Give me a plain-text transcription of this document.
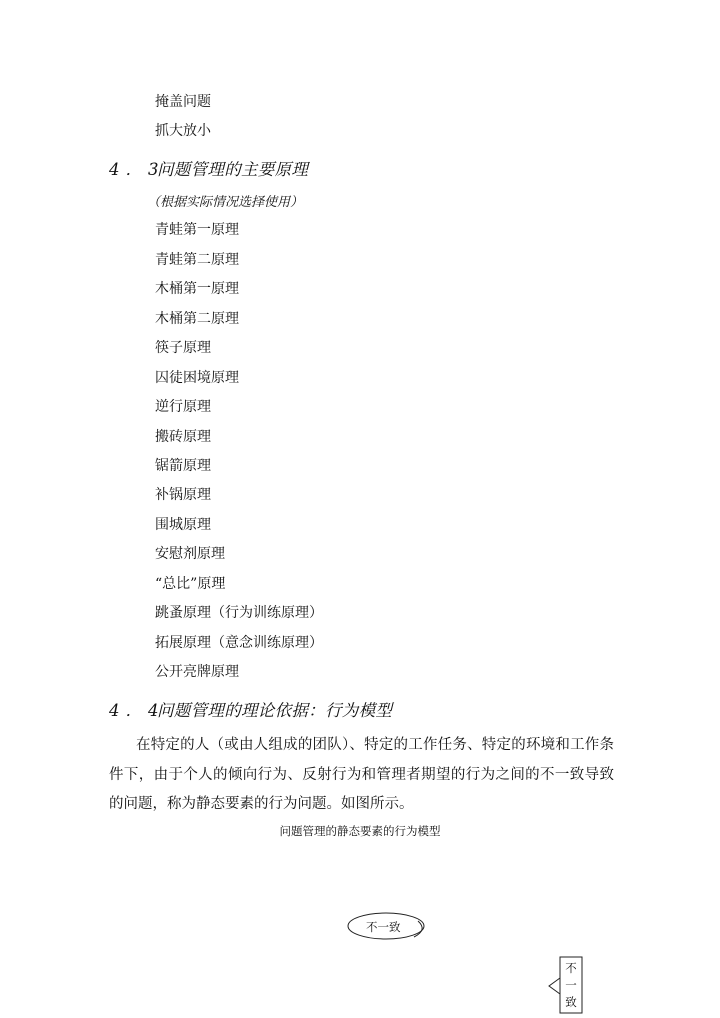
掩盖问题
抓大放小
4．3问题管理的主要原理
（根据实际情况选择使用）
青蛙第一原理
青蛙第二原理
木桶第一原理
木桶第二原理
筷子原理
囚徒困境原理
逆行原理
搬砖原理
锯箭原理
补锅原理
围城原理
安慰剂原理
“总比”原理
跳蚤原理（行为训练原理）
拓展原理（意念训练原理）
公开亮牌原理
4．4问题管理的理论依据：行为模型
在特定的人（或由人组成的团队）、特定的工作任务、特定的环境和工作条件下，由于个人的倾向行为、反射行为和管理者期望的行为之间的不一致导致的问题，称为静态要素的行为问题。如图所示。
问题管理的静态要素的行为模型
不一致
不
一
致
